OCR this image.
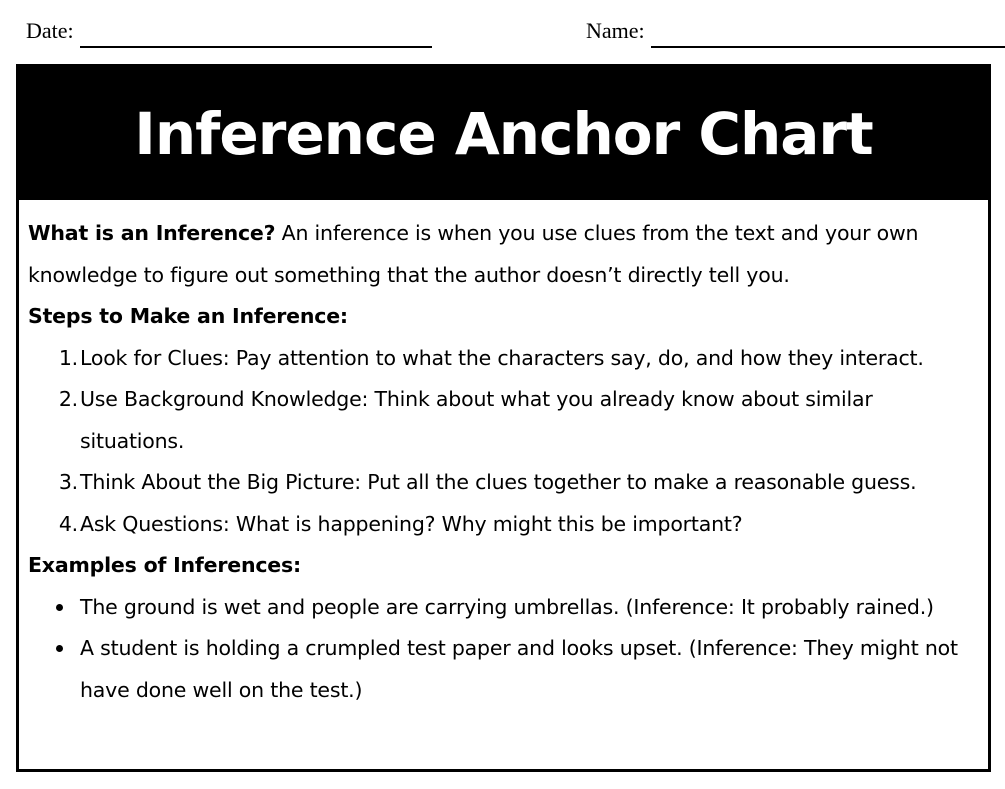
Date:	Name:
Inference Anchor Chart

What is an Inference? An inference is when you use clues from the text and your own knowledge to figure out something that the author doesn’t directly tell you.

Steps to Make an Inference:

1. Look for Clues: Pay attention to what the characters say, do, and how they interact.
2. Use Background Knowledge: Think about what you already know about similar situations.
3. Think About the Big Picture: Put all the clues together to make a reasonable guess.
4. Ask Questions: What is happening? Why might this be important?

Examples of Inferences:

The ground is wet and people are carrying umbrellas. (Inference: It probably rained.)
A student is holding a crumpled test paper and looks upset. (Inference: They might not have done well on the test.)
